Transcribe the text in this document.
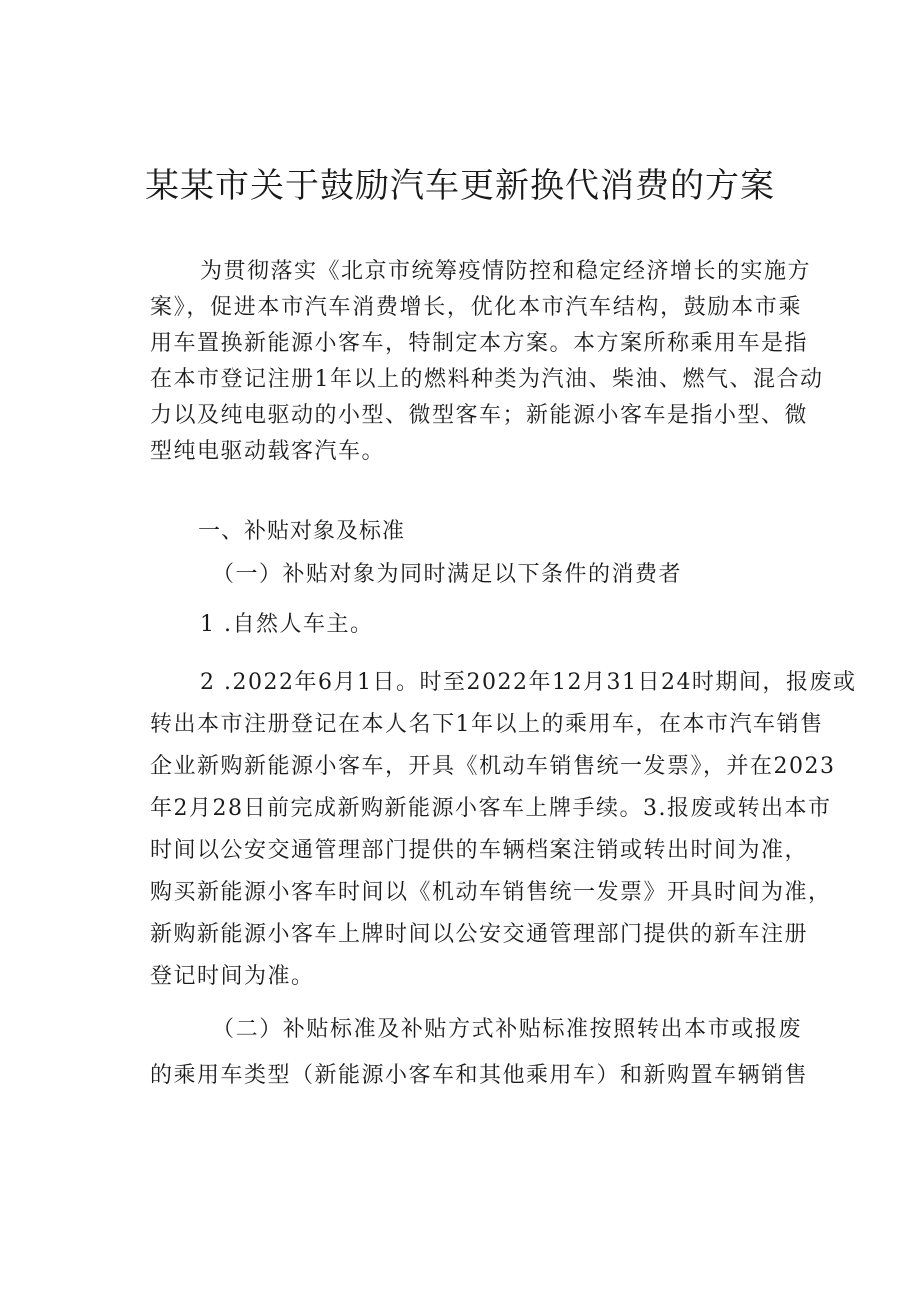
某某市关于鼓励汽车更新换代消费的方案
为贯彻落实《北京市统筹疫情防控和稳定经济增长的实施方
案》，促进本市汽车消费增长，优化本市汽车结构，鼓励本市乘
用车置换新能源小客车，特制定本方案。本方案所称乘用车是指
在本市登记注册1年以上的燃料种类为汽油、柴油、燃气、混合动
力以及纯电驱动的小型、微型客车；新能源小客车是指小型、微
型纯电驱动载客汽车。
一、补贴对象及标准
（一）补贴对象为同时满足以下条件的消费者
1 .自然人车主。
2 .2022年6月1日。时至2022年12月31日24时期间，报废或
转出本市注册登记在本人名下1年以上的乘用车，在本市汽车销售
企业新购新能源小客车，开具《机动车销售统一发票》，并在2023
年2月28日前完成新购新能源小客车上牌手续。3.报废或转出本市
时间以公安交通管理部门提供的车辆档案注销或转出时间为准，
购买新能源小客车时间以《机动车销售统一发票》开具时间为准，
新购新能源小客车上牌时间以公安交通管理部门提供的新车注册
登记时间为准。
（二）补贴标准及补贴方式补贴标准按照转出本市或报废
的乘用车类型（新能源小客车和其他乘用车）和新购置车辆销售
